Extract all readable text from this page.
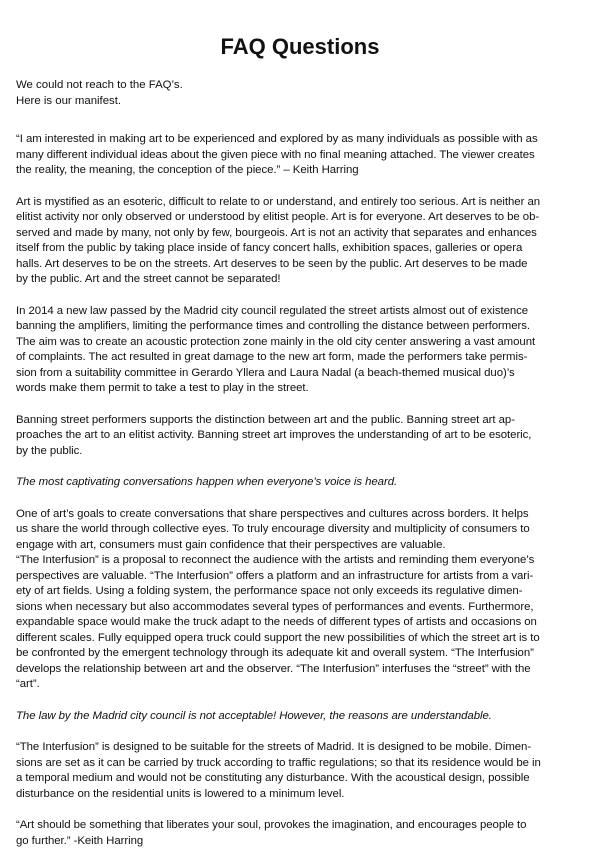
FAQ Questions
We could not reach to the FAQ’s.
Here is our manifest.

“I am interested in making art to be experienced and explored by as many individuals as possible with as
many different individual ideas about the given piece with no final meaning attached. The viewer creates
the reality, the meaning, the conception of the piece.” – Keith Harring

Art is mystified as an esoteric, difficult to relate to or understand, and entirely too serious. Art is neither an
elitist activity nor only observed or understood by elitist people. Art is for everyone. Art deserves to be ob-
served and made by many, not only by few, bourgeois. Art is not an activity that separates and enhances
itself from the public by taking place inside of fancy concert halls, exhibition spaces, galleries or opera
halls. Art deserves to be on the streets. Art deserves to be seen by the public. Art deserves to be made
by the public. Art and the street cannot be separated!

In 2014 a new law passed by the Madrid city council regulated the street artists almost out of existence
banning the amplifiers, limiting the performance times and controlling the distance between performers.
The aim was to create an acoustic protection zone mainly in the old city center answering a vast amount
of complaints. The act resulted in great damage to the new art form, made the performers take permis-
sion from a suitability committee in Gerardo Yllera and Laura Nadal (a beach-themed musical duo)’s
words make them permit to take a test to play in the street.

Banning street performers supports the distinction between art and the public. Banning street art ap-
proaches the art to an elitist activity. Banning street art improves the understanding of art to be esoteric,
by the public.

The most captivating conversations happen when everyone’s voice is heard.

One of art’s goals to create conversations that share perspectives and cultures across borders. It helps
us share the world through collective eyes. To truly encourage diversity and multiplicity of consumers to
engage with art, consumers must gain confidence that their perspectives are valuable.
“The Interfusion” is a proposal to reconnect the audience with the artists and reminding them everyone’s
perspectives are valuable. “The Interfusion” offers a platform and an infrastructure for artists from a vari-
ety of art fields. Using a folding system, the performance space not only exceeds its regulative dimen-
sions when necessary but also accommodates several types of performances and events. Furthermore,
expandable space would make the truck adapt to the needs of different types of artists and occasions on
different scales. Fully equipped opera truck could support the new possibilities of which the street art is to
be confronted by the emergent technology through its adequate kit and overall system. “The Interfusion”
develops the relationship between art and the observer. “The Interfusion” interfuses the “street” with the
“art”.

The law by the Madrid city council is not acceptable! However, the reasons are understandable.

“The Interfusion” is designed to be suitable for the streets of Madrid. It is designed to be mobile. Dimen-
sions are set as it can be carried by truck according to traffic regulations; so that its residence would be in
a temporal medium and would not be constituting any disturbance. With the acoustical design, possible
disturbance on the residential units is lowered to a minimum level.

“Art should be something that liberates your soul, provokes the imagination, and encourages people to
go further.” -Keith Harring
